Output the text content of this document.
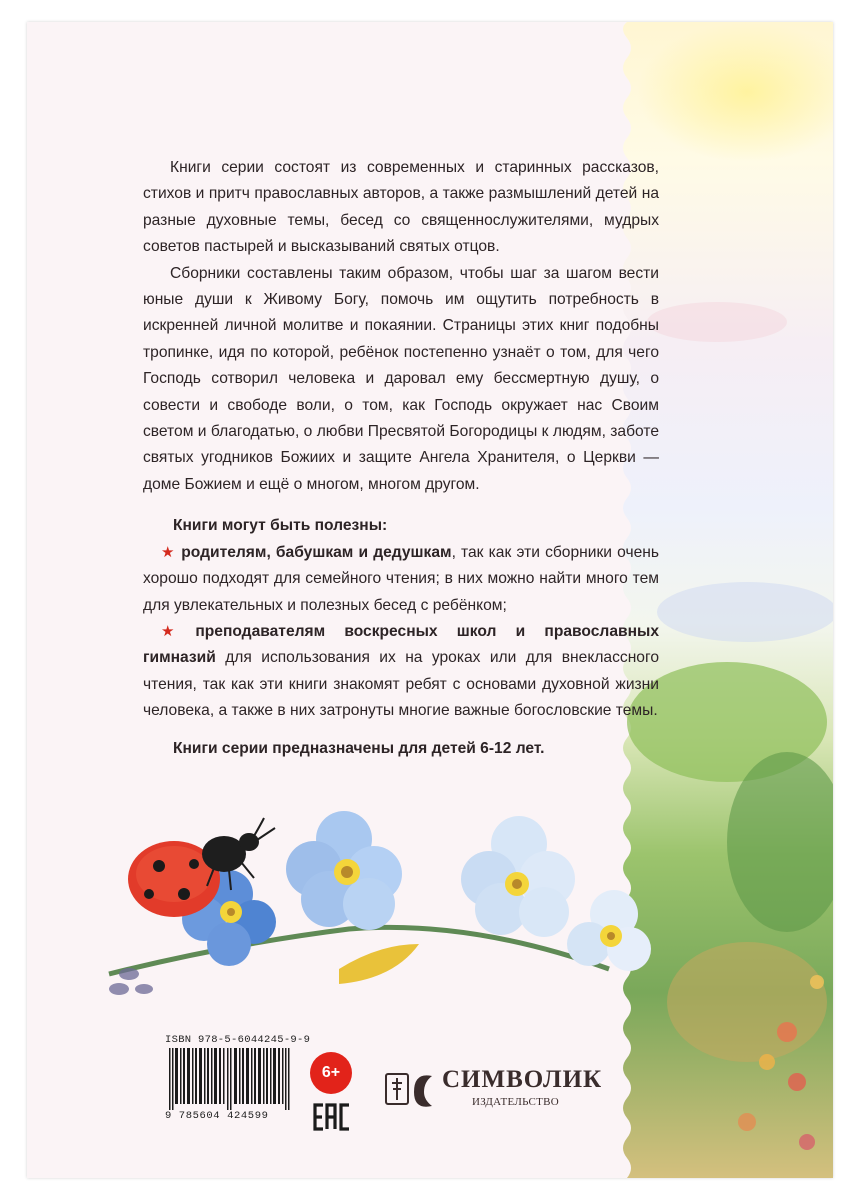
Книги серии состоят из современных и старинных рассказов, стихов и притч православных авторов, а также размышлений детей на разные духовные темы, бесед со священнослужителями, мудрых советов пастырей и высказываний святых отцов.

Сборники составлены таким образом, чтобы шаг за шагом вести юные души к Живому Богу, помочь им ощутить потребность в искренней личной молитве и покаянии. Страницы этих книг подобны тропинке, идя по которой, ребёнок постепенно узнаёт о том, для чего Господь сотворил человека и даровал ему бессмертную душу, о совести и свободе воли, о том, как Господь окружает нас Своим светом и благодатью, о любви Пресвятой Богородицы к людям, заботе святых угодников Божиих и защите Ангела Хранителя, о Церкви — доме Божием и ещё о многом, многом другом.

Книги могут быть полезны:
★ родителям, бабушкам и дедушкам, так как эти сборники очень хорошо подходят для семейного чтения; в них можно найти много тем для увлекательных и полезных бесед с ребёнком;
★ преподавателям воскресных школ и православных гимназий для использования их на уроках или для внеклассного чтения, так как эти книги знакомят ребят с основами духовной жизни человека, а также в них затронуты многие важные богословские темы.
Книги серии предназначены для детей 6-12 лет.
ISBN 978-5-6044245-9-9
9 785604 424599
6+	СИМВОЛИК
ИЗДАТЕЛЬСТВО
